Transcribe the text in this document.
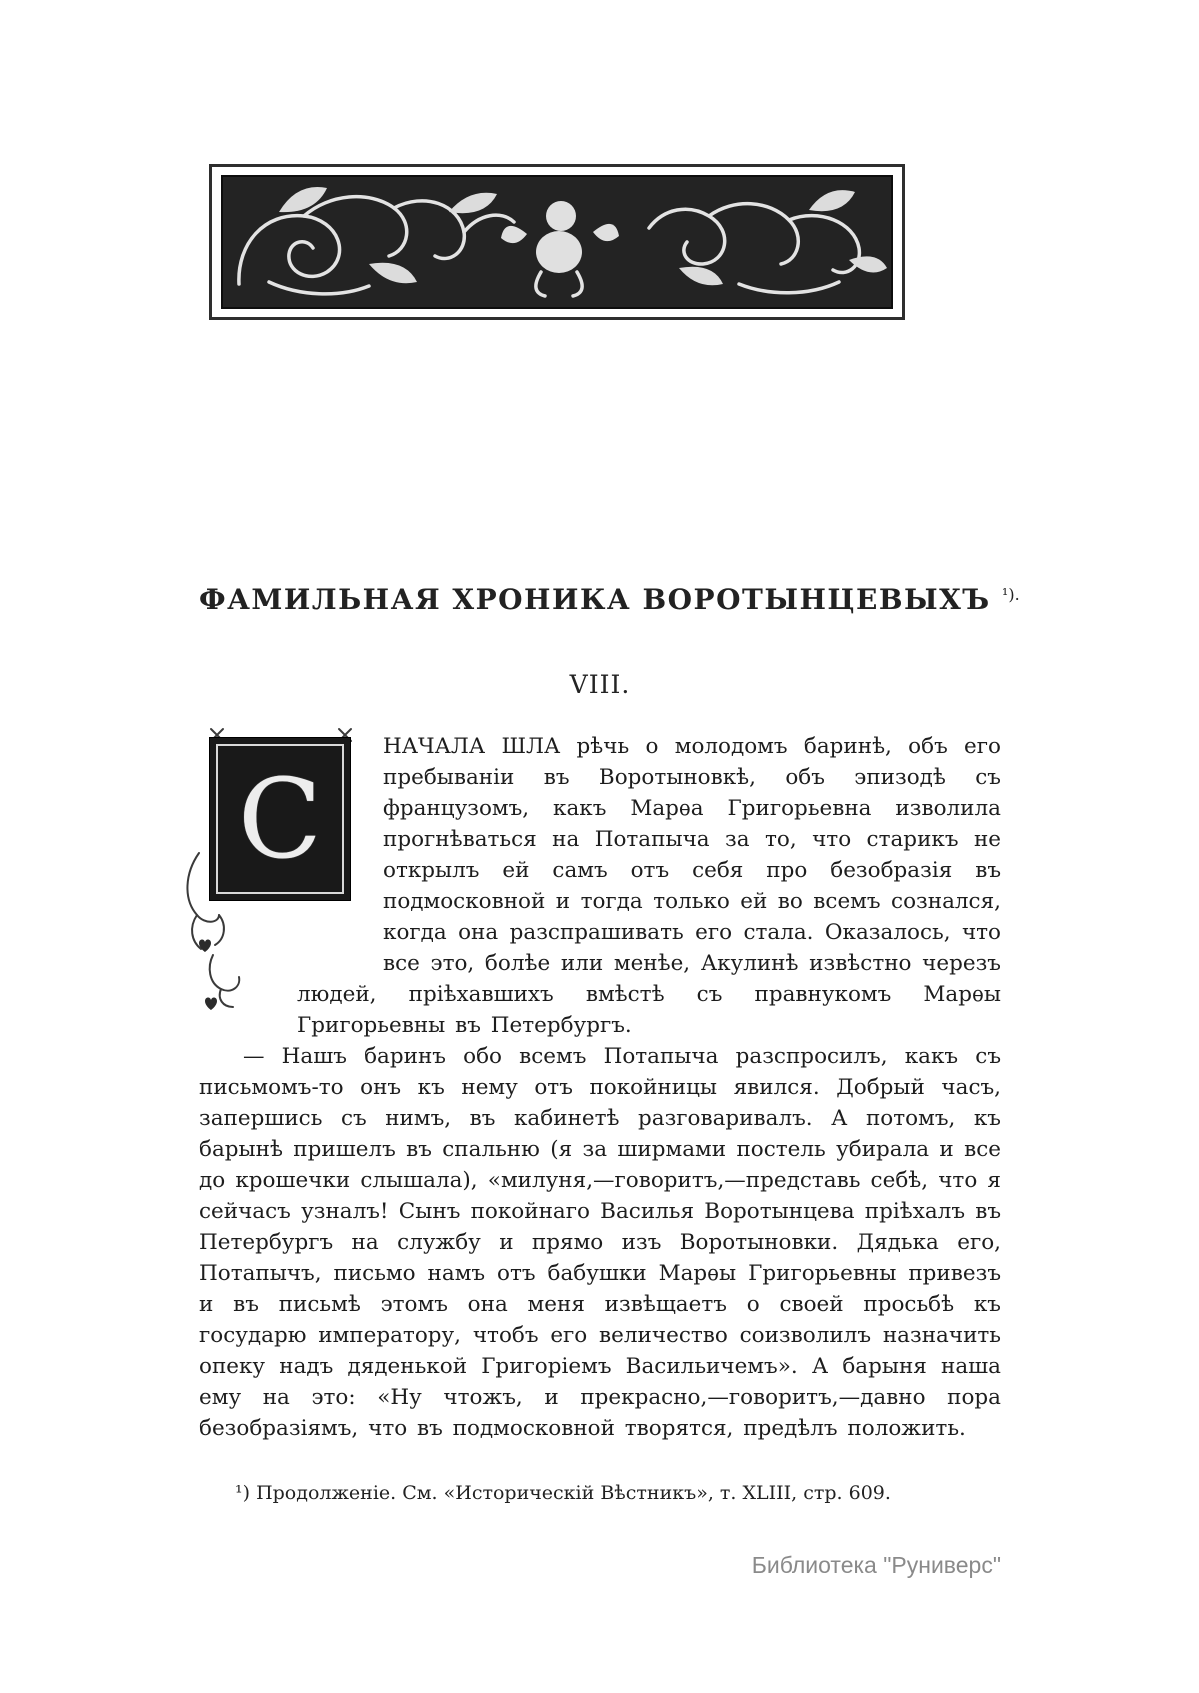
ФАМИЛЬНАЯ ХРОНИКА ВОРОТЫНЦЕВЫХЪ $^{^1).}$
VIII.

С
НАЧАЛА ШЛА рѣчь о молодомъ баринѣ, объ его пребываніи въ Воротыновкѣ, объ эпизодѣ съ французомъ, какъ Марѳа Григорьевна изволила прогнѣваться на Потапыча за то, что старикъ не открылъ ей самъ отъ себя про безобразія въ подмосковной и тогда только ей во всемъ сознался, когда она разспрашивать его стала. Оказалось, что все это, болѣе или менѣе, Акулинѣ извѣстно черезъ людей, пріѣхавшихъ вмѣстѣ съ правнукомъ Марѳы Григорьевны въ Петербургъ.

— Нашъ баринъ обо всемъ Потапыча разспросилъ, какъ съ письмомъ-то онъ къ нему отъ покойницы явился. Добрый часъ, запершись съ нимъ, въ кабинетѣ разговаривалъ. А потомъ, къ барынѣ пришелъ въ спальню (я за ширмами постель убирала и все до крошечки слышала), «милуня,—говоритъ,—представь себѣ, что я сейчасъ узналъ! Сынъ покойнаго Василья Воротынцева пріѣхалъ въ Петербургъ на службу и прямо изъ Воротыновки. Дядька его, Потапычъ, письмо намъ отъ бабушки Марѳы Григорьевны привезъ и въ письмѣ этомъ она меня извѣщаетъ о своей просьбѣ къ государю императору, чтобъ его величество соизволилъ назначить опеку надъ дяденькой Григоріемъ Васильичемъ». А барыня наша ему на это: «Ну чтожъ, и прекрасно,—говоритъ,—давно пора безобразіямъ, что въ подмосковной творятся, предѣлъ положить.

¹) Продолженіе. См. «Историческій Вѣстникъ», т. XLIII, стр. 609.
Библиотека "Руниверс"
